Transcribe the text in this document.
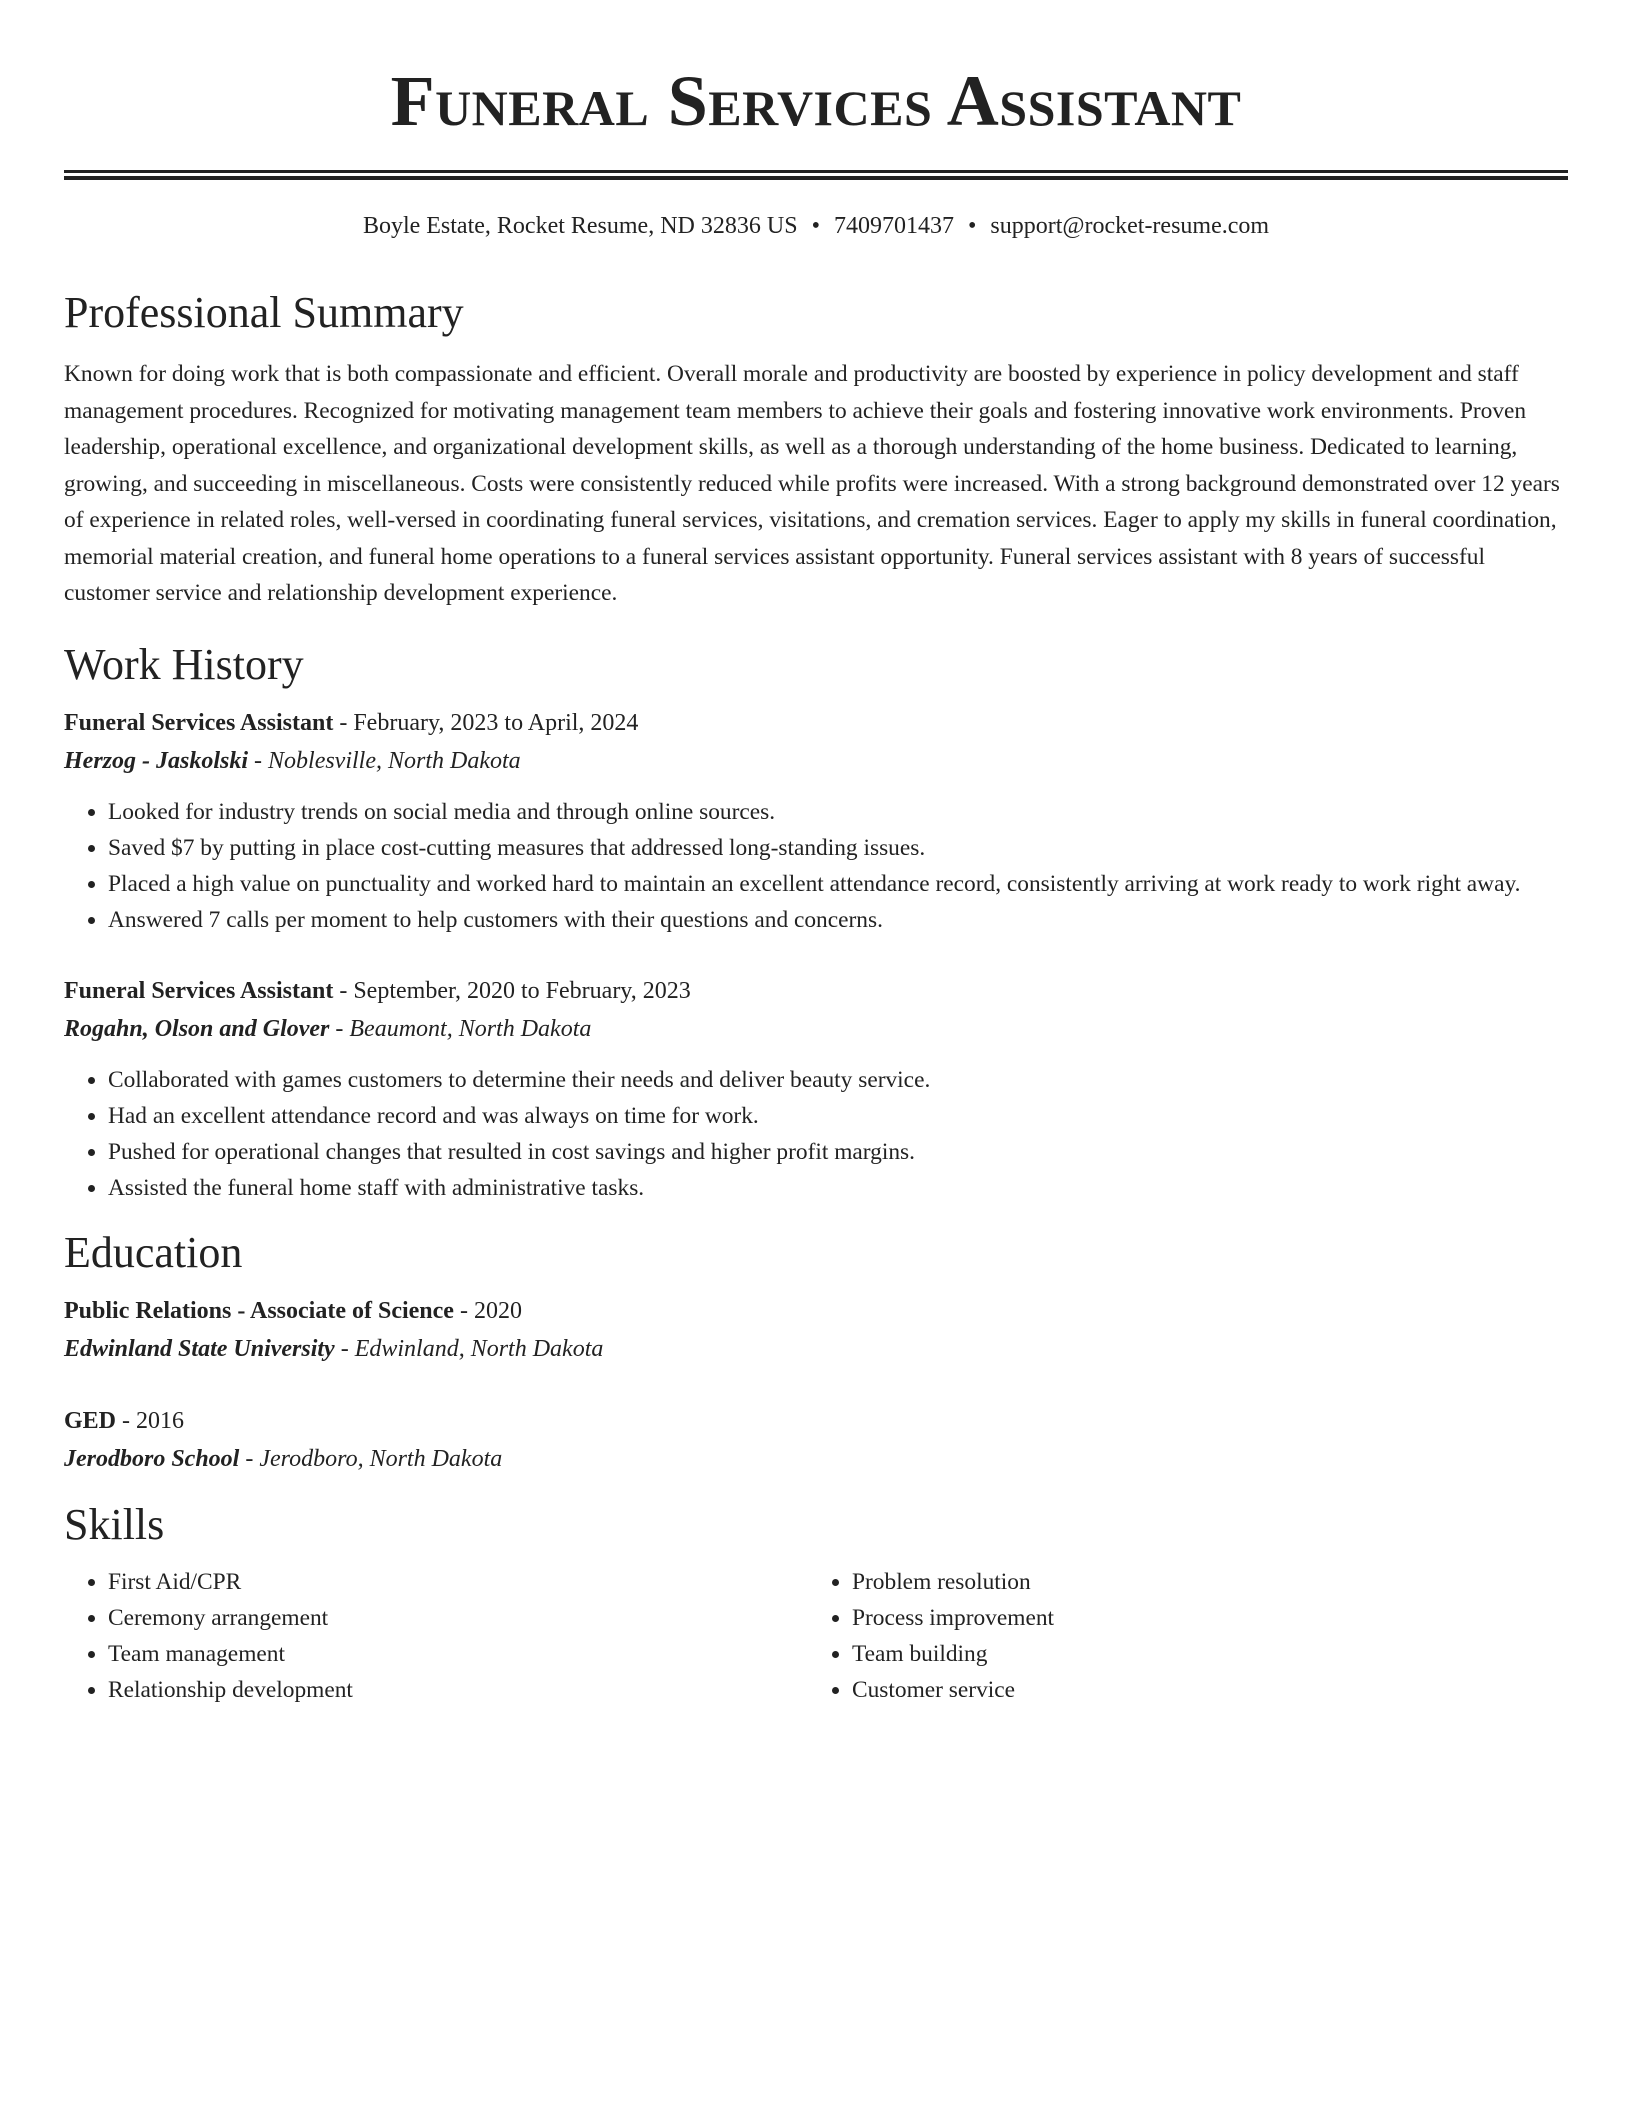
Funeral Services Assistant
Boyle Estate, Rocket Resume, ND 32836 US • 7409701437 • support@rocket-resume.com
Professional Summary

Known for doing work that is both compassionate and efficient. Overall morale and productivity are boosted by experience in policy development and staff management procedures. Recognized for motivating management team members to achieve their goals and fostering innovative work environments. Proven leadership, operational excellence, and organizational development skills, as well as a thorough understanding of the home business. Dedicated to learning, growing, and succeeding in miscellaneous. Costs were consistently reduced while profits were increased. With a strong background demonstrated over 12 years of experience in related roles, well-versed in coordinating funeral services, visitations, and cremation services. Eager to apply my skills in funeral coordination, memorial material creation, and funeral home operations to a funeral services assistant opportunity. Funeral services assistant with 8 years of successful customer service and relationship development experience.

Work History
Funeral Services Assistant - February, 2023 to April, 2024
Herzog - Jaskolski - Noblesville, North Dakota
• Looked for industry trends on social media and through online sources.
• Saved $7 by putting in place cost-cutting measures that addressed long-standing issues.
• Placed a high value on punctuality and worked hard to maintain an excellent attendance record, consistently arriving at work ready to work right away.
• Answered 7 calls per moment to help customers with their questions and concerns.
Funeral Services Assistant - September, 2020 to February, 2023
Rogahn, Olson and Glover - Beaumont, North Dakota
• Collaborated with games customers to determine their needs and deliver beauty service.
• Had an excellent attendance record and was always on time for work.
• Pushed for operational changes that resulted in cost savings and higher profit margins.
• Assisted the funeral home staff with administrative tasks.
Education
Public Relations - Associate of Science - 2020
Edwinland State University - Edwinland, North Dakota
GED - 2016
Jerodboro School - Jerodboro, North Dakota
Skills
• First Aid/CPR
• Ceremony arrangement
• Team management
• Relationship development
• Problem resolution
• Process improvement
• Team building
• Customer service
